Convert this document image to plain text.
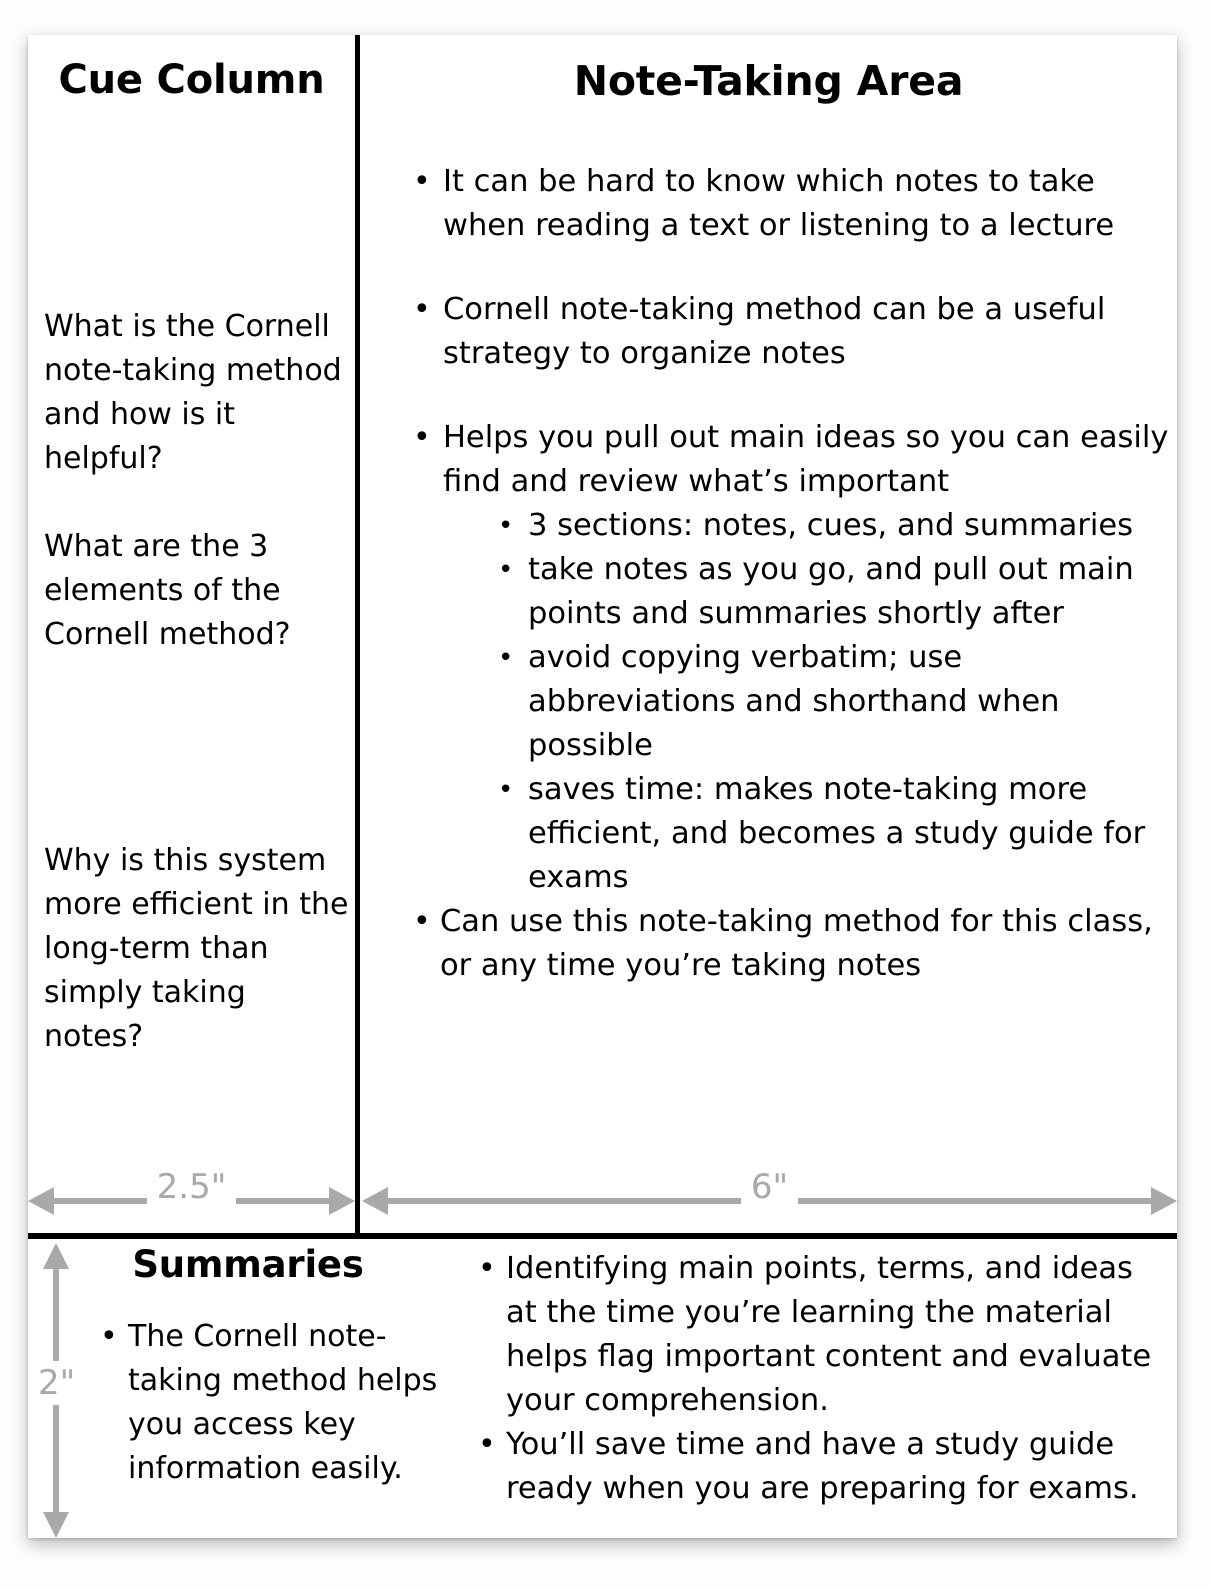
Cue Column	Note-Taking Area
Summaries
What is the Cornell note-taking method and how is it helpful?
What are the 3 elements of the Cornell method?
Why is this system more efficient in the long-term than simply taking notes?
• It can be hard to know which notes to take when reading a text or listening to a lecture
• Cornell note-taking method can be a useful strategy to organize notes
• Helps you pull out main ideas so you can easily find and review what’s important
• 3 sections: notes, cues, and summaries
• take notes as you go, and pull out main points and summaries shortly after
• avoid copying verbatim; use abbreviations and shorthand when possible
• saves time: makes note-taking more efficient, and becomes a study guide for exams
• Can use this note-taking method for this class, or any time you’re taking notes
2.5"	6"
2"
• The Cornell note-taking method helps you access key information easily.
• Identifying main points, terms, and ideas at the time you’re learning the material helps flag important content and evaluate your comprehension.
• You’ll save time and have a study guide ready when you are preparing for exams.
